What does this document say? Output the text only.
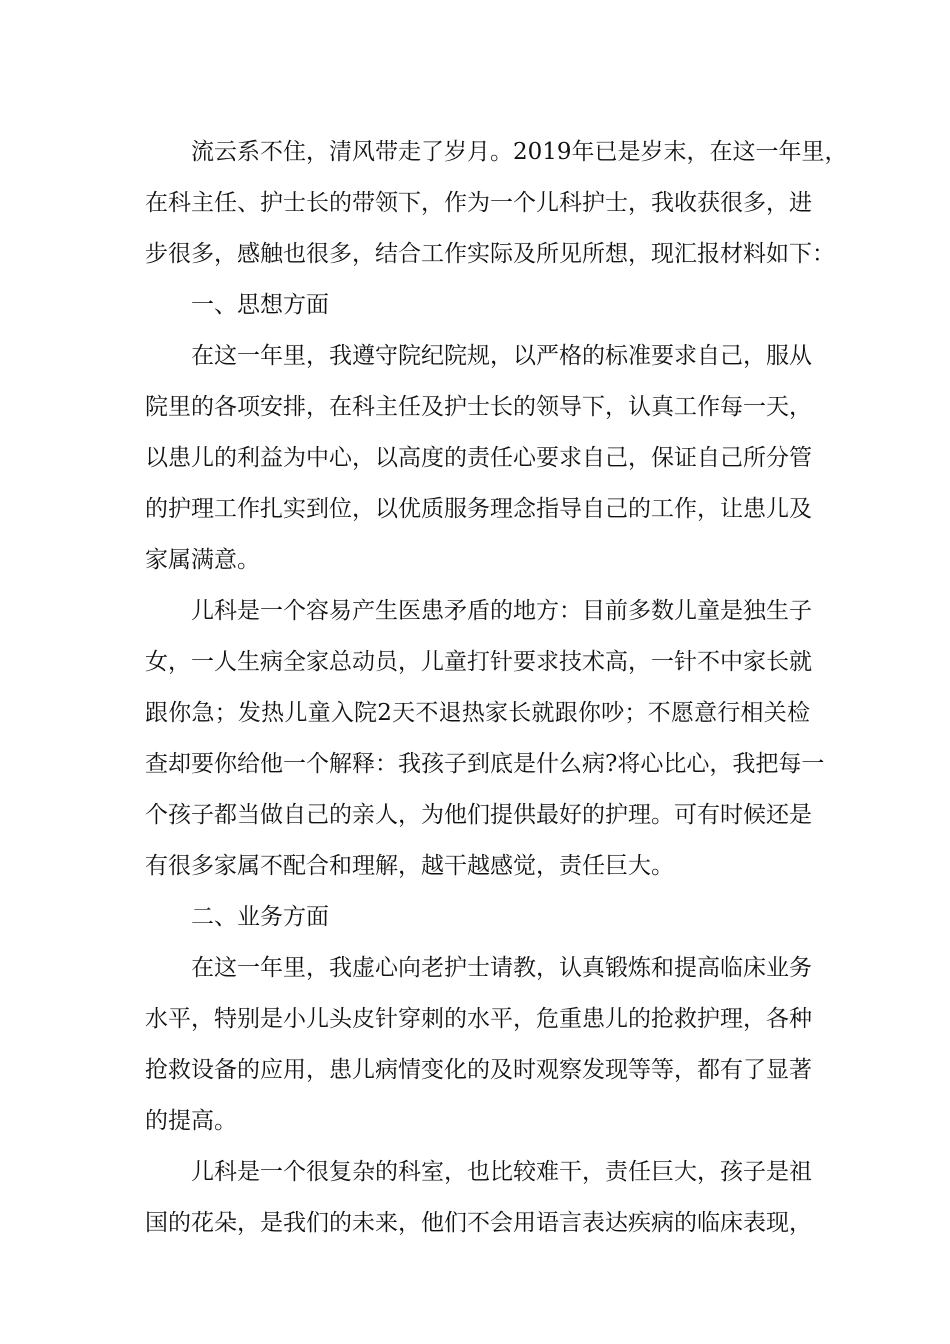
流云系不住，清风带走了岁月。2019年已是岁末，在这一年里，
在科主任、护士长的带领下，作为一个儿科护士，我收获很多，进
步很多，感触也很多，结合工作实际及所见所想，现汇报材料如下：
一、思想方面
在这一年里，我遵守院纪院规，以严格的标准要求自己，服从
院里的各项安排，在科主任及护士长的领导下，认真工作每一天，
以患儿的利益为中心，以高度的责任心要求自己，保证自己所分管
的护理工作扎实到位，以优质服务理念指导自己的工作，让患儿及
家属满意。
儿科是一个容易产生医患矛盾的地方：目前多数儿童是独生子
女，一人生病全家总动员，儿童打针要求技术高，一针不中家长就
跟你急；发热儿童入院2天不退热家长就跟你吵；不愿意行相关检
查却要你给他一个解释：我孩子到底是什么病?将心比心，我把每一
个孩子都当做自己的亲人，为他们提供最好的护理。可有时候还是
有很多家属不配合和理解，越干越感觉，责任巨大。
二、业务方面
在这一年里，我虚心向老护士请教，认真锻炼和提高临床业务
水平，特别是小儿头皮针穿刺的水平，危重患儿的抢救护理，各种
抢救设备的应用，患儿病情变化的及时观察发现等等，都有了显著
的提高。
儿科是一个很复杂的科室，也比较难干，责任巨大，孩子是祖
国的花朵，是我们的未来，他们不会用语言表达疾病的临床表现，
